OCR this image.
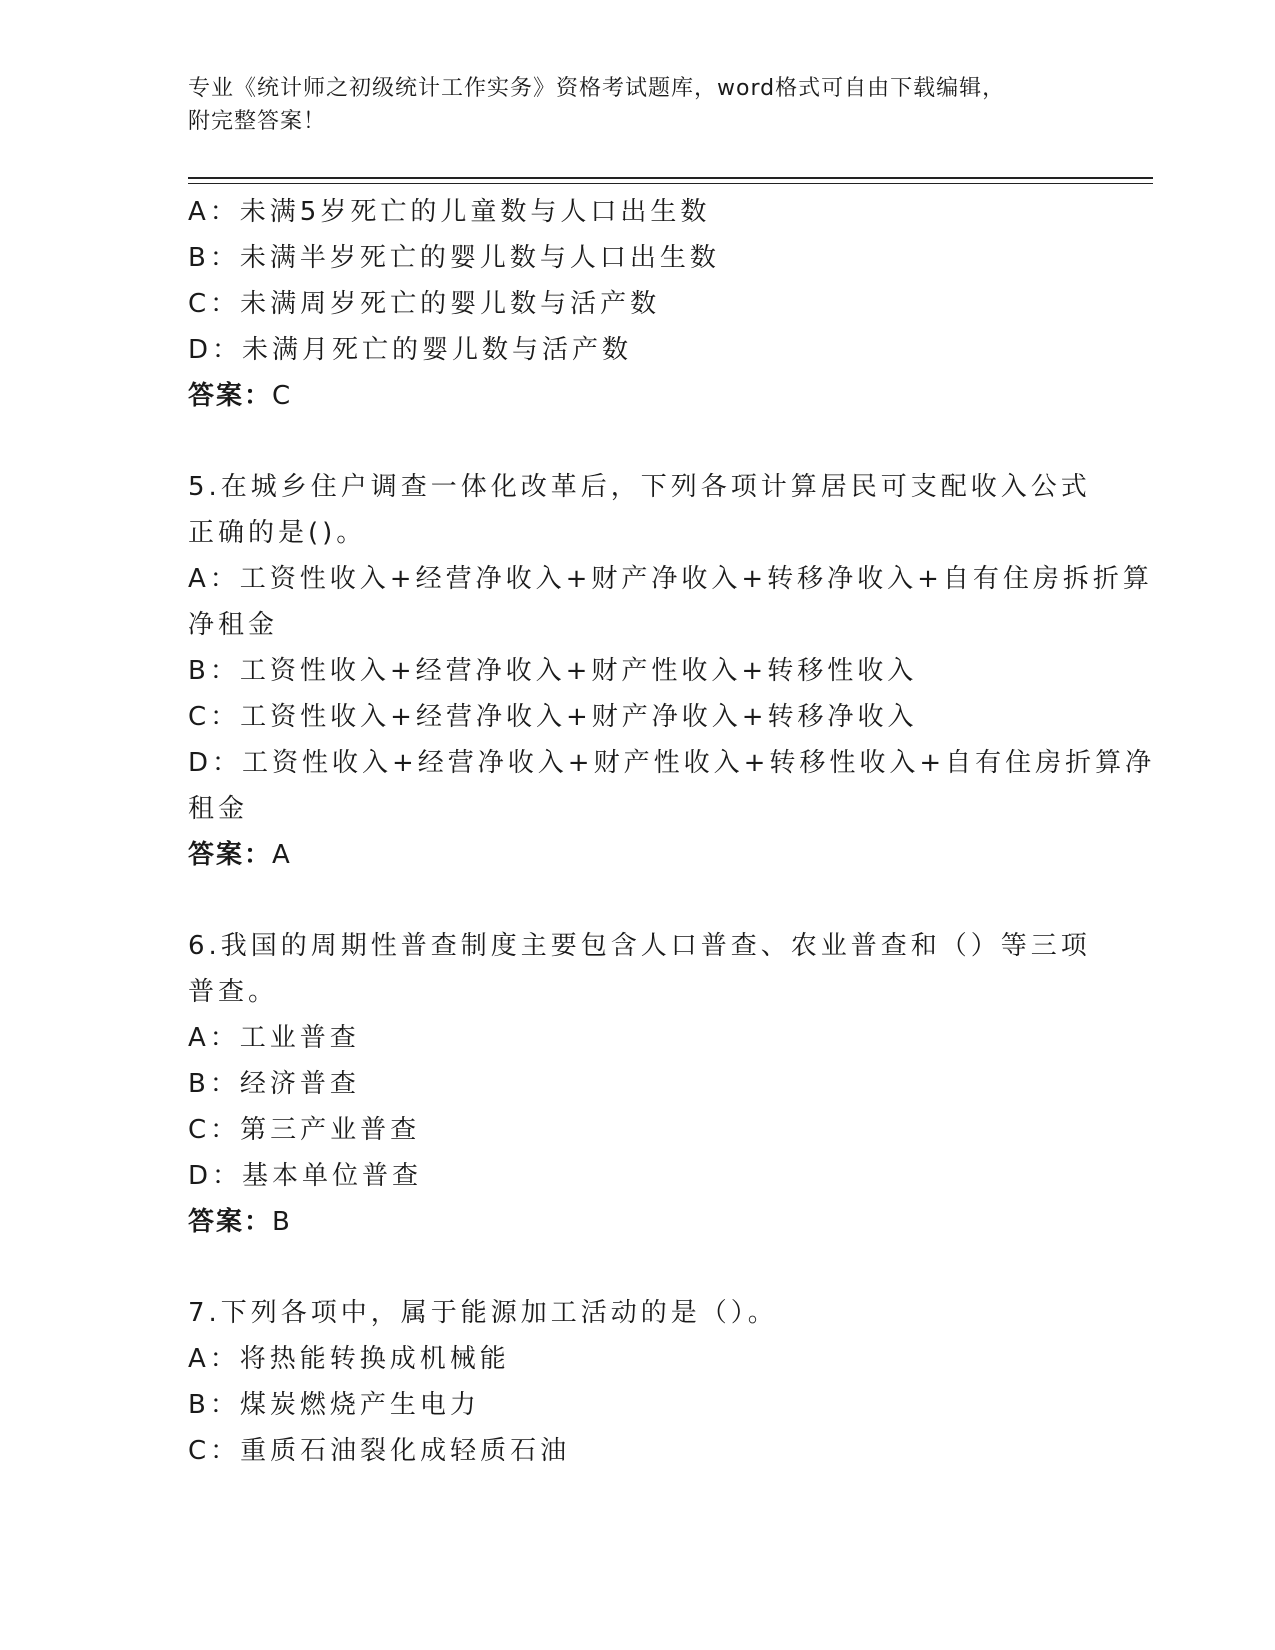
专业《统计师之初级统计工作实务》资格考试题库，word格式可自由下载编辑，
附完整答案！
A：未满5岁死亡的儿童数与人口出生数
B：未满半岁死亡的婴儿数与人口出生数
C：未满周岁死亡的婴儿数与活产数
D：未满月死亡的婴儿数与活产数
答案：C
5.在城乡住户调查一体化改革后，下列各项计算居民可支配收入公式
正确的是()。
A：工资性收入+经营净收入+财产净收入+转移净收入+自有住房拆折算
净租金
B：工资性收入+经营净收入+财产性收入+转移性收入
C：工资性收入+经营净收入+财产净收入+转移净收入
D：工资性收入+经营净收入+财产性收入+转移性收入+自有住房折算净
租金
答案：A
6.我国的周期性普查制度主要包含人口普查、农业普查和（）等三项
普查。
A：工业普查
B：经济普查
C：第三产业普查
D：基本单位普查
答案：B
7.下列各项中，属于能源加工活动的是（）。
A：将热能转换成机械能
B：煤炭燃烧产生电力
C：重质石油裂化成轻质石油
